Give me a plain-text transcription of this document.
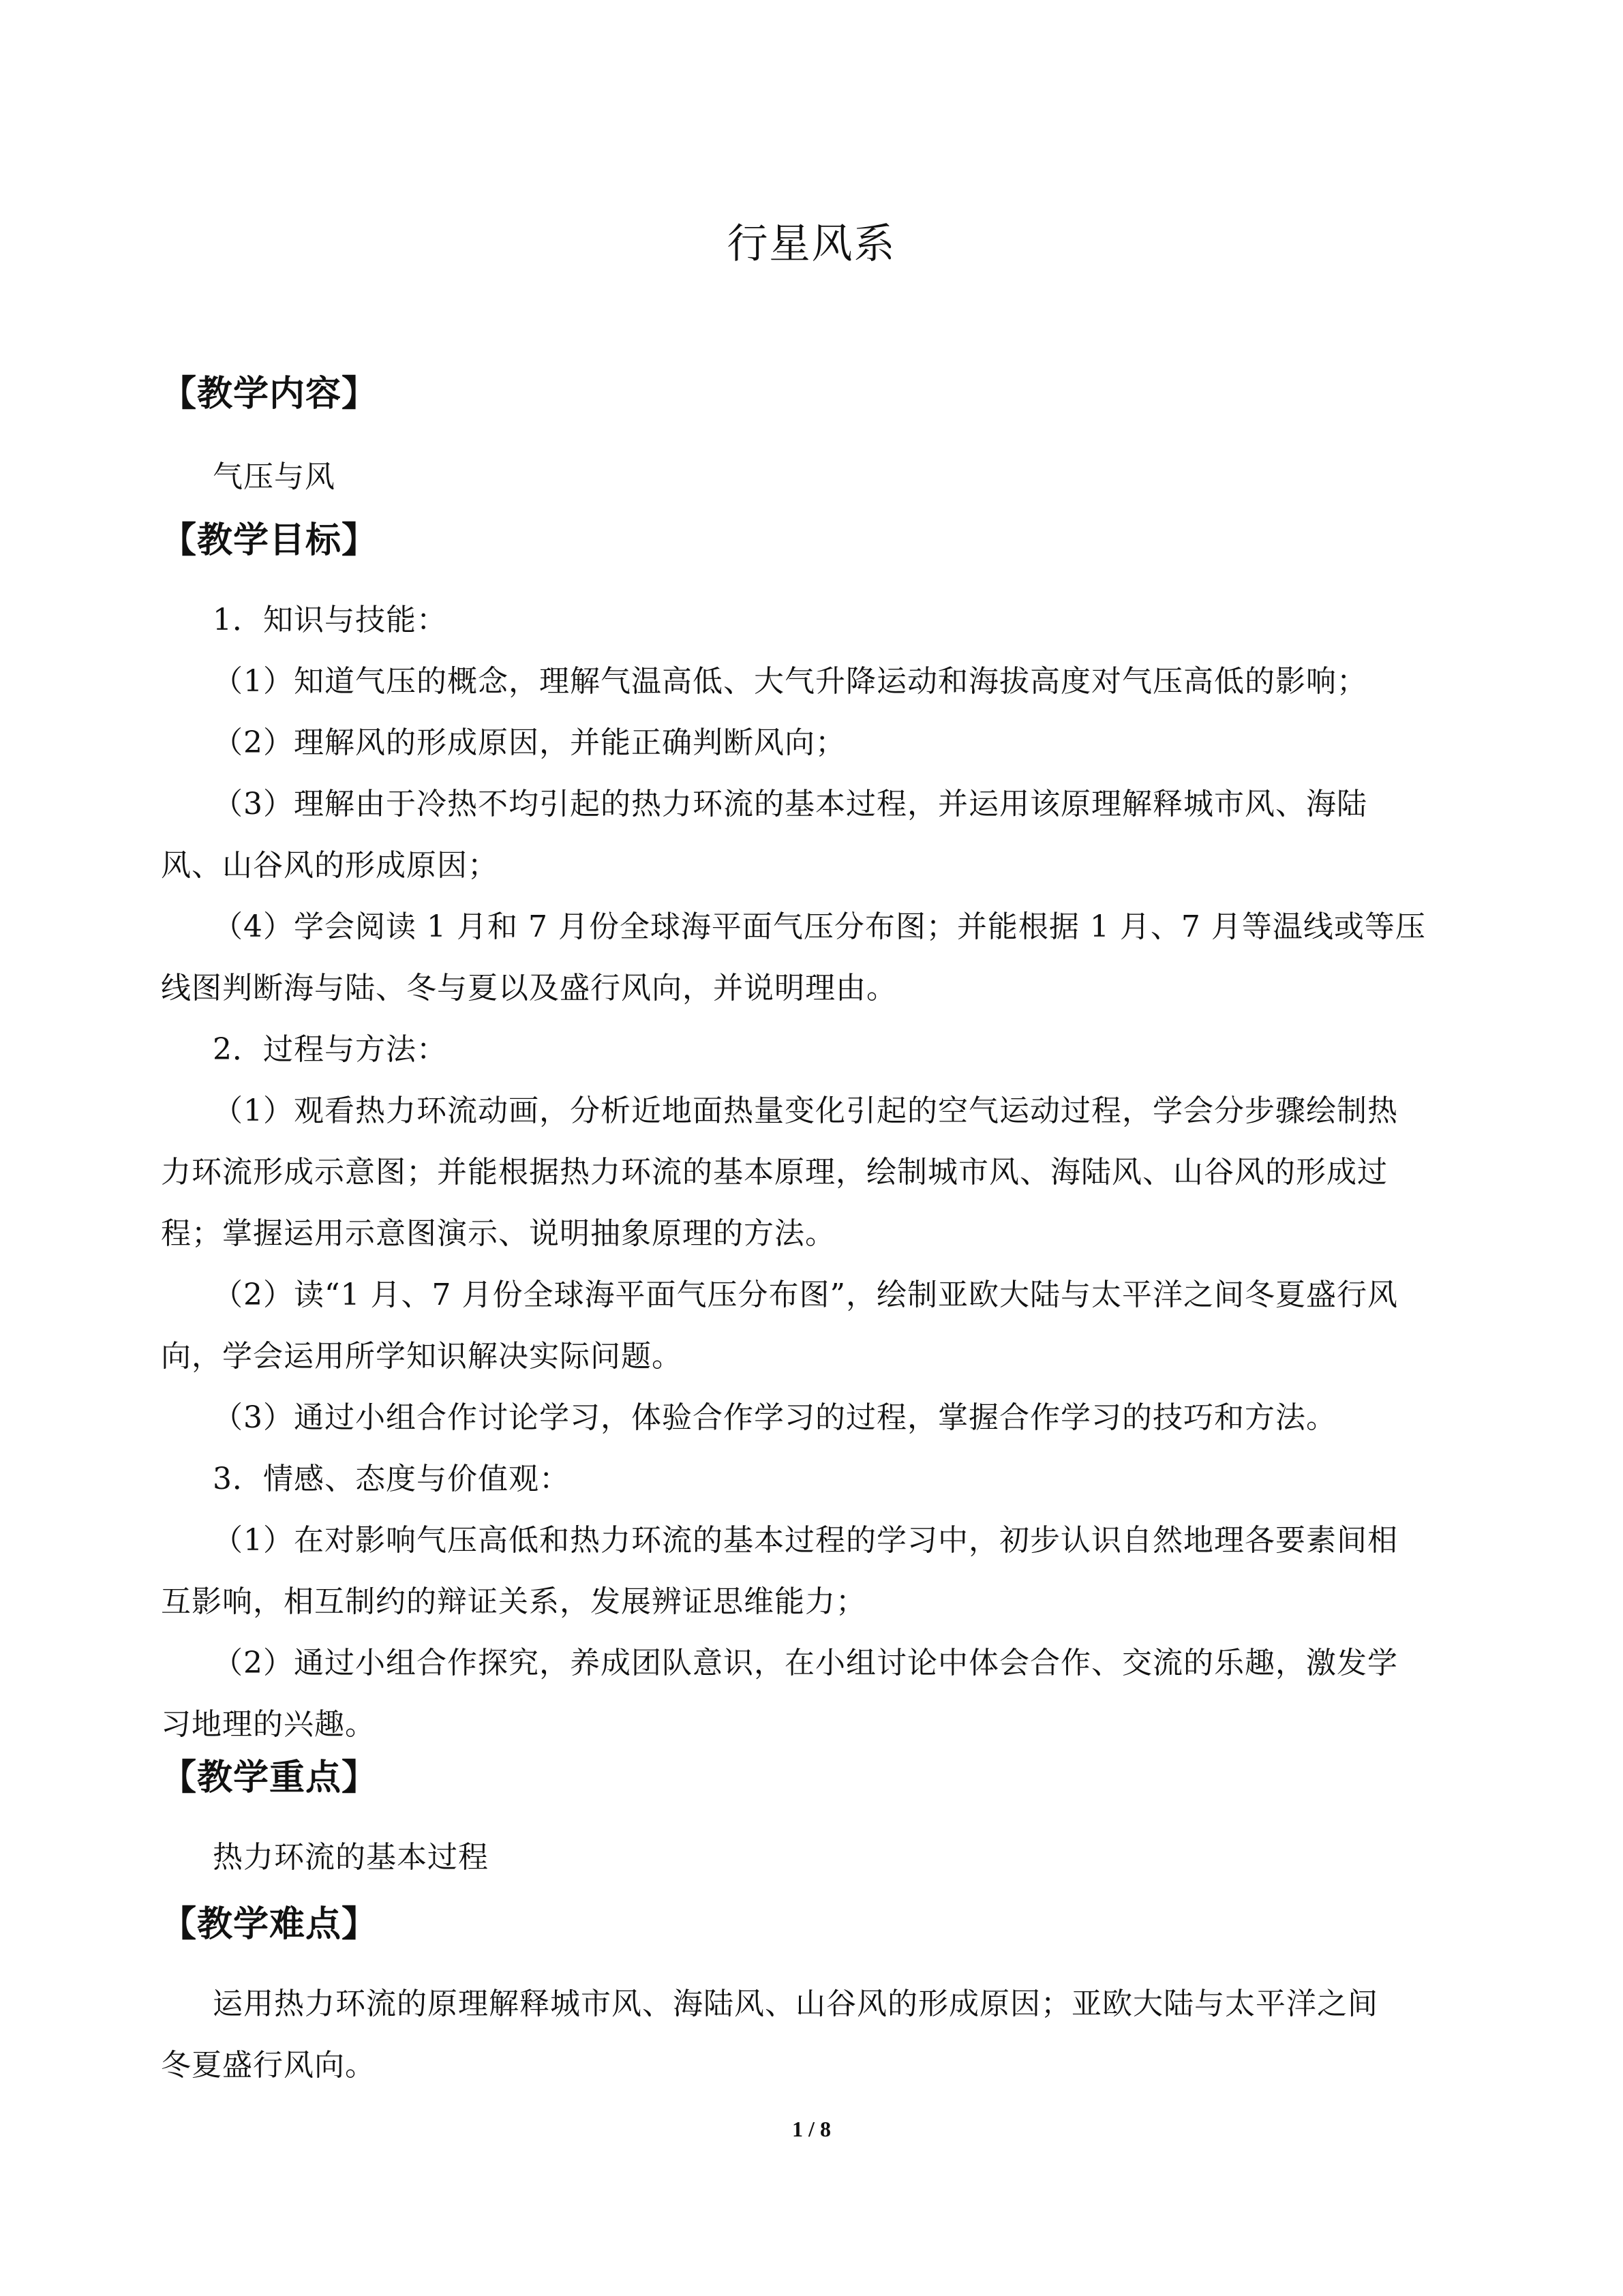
行星风系
【教学内容】
气压与风
【教学目标】
1．知识与技能：
（1）知道气压的概念，理解气温高低、大气升降运动和海拔高度对气压高低的影响；
（2）理解风的形成原因，并能正确判断风向；
（3）理解由于冷热不均引起的热力环流的基本过程，并运用该原理解释城市风、海陆
风、山谷风的形成原因；
（4）学会阅读 1 月和 7 月份全球海平面气压分布图；并能根据 1 月、7 月等温线或等压
线图判断海与陆、冬与夏以及盛行风向，并说明理由。
2．过程与方法：
（1）观看热力环流动画，分析近地面热量变化引起的空气运动过程，学会分步骤绘制热
力环流形成示意图；并能根据热力环流的基本原理，绘制城市风、海陆风、山谷风的形成过
程；掌握运用示意图演示、说明抽象原理的方法。
（2）读“1 月、7 月份全球海平面气压分布图”，绘制亚欧大陆与太平洋之间冬夏盛行风
向，学会运用所学知识解决实际问题。
（3）通过小组合作讨论学习，体验合作学习的过程，掌握合作学习的技巧和方法。
3．情感、态度与价值观：
（1）在对影响气压高低和热力环流的基本过程的学习中，初步认识自然地理各要素间相
互影响，相互制约的辩证关系，发展辨证思维能力；
（2）通过小组合作探究，养成团队意识，在小组讨论中体会合作、交流的乐趣，激发学
习地理的兴趣。
【教学重点】
热力环流的基本过程
【教学难点】
运用热力环流的原理解释城市风、海陆风、山谷风的形成原因；亚欧大陆与太平洋之间
冬夏盛行风向。
1 / 8
